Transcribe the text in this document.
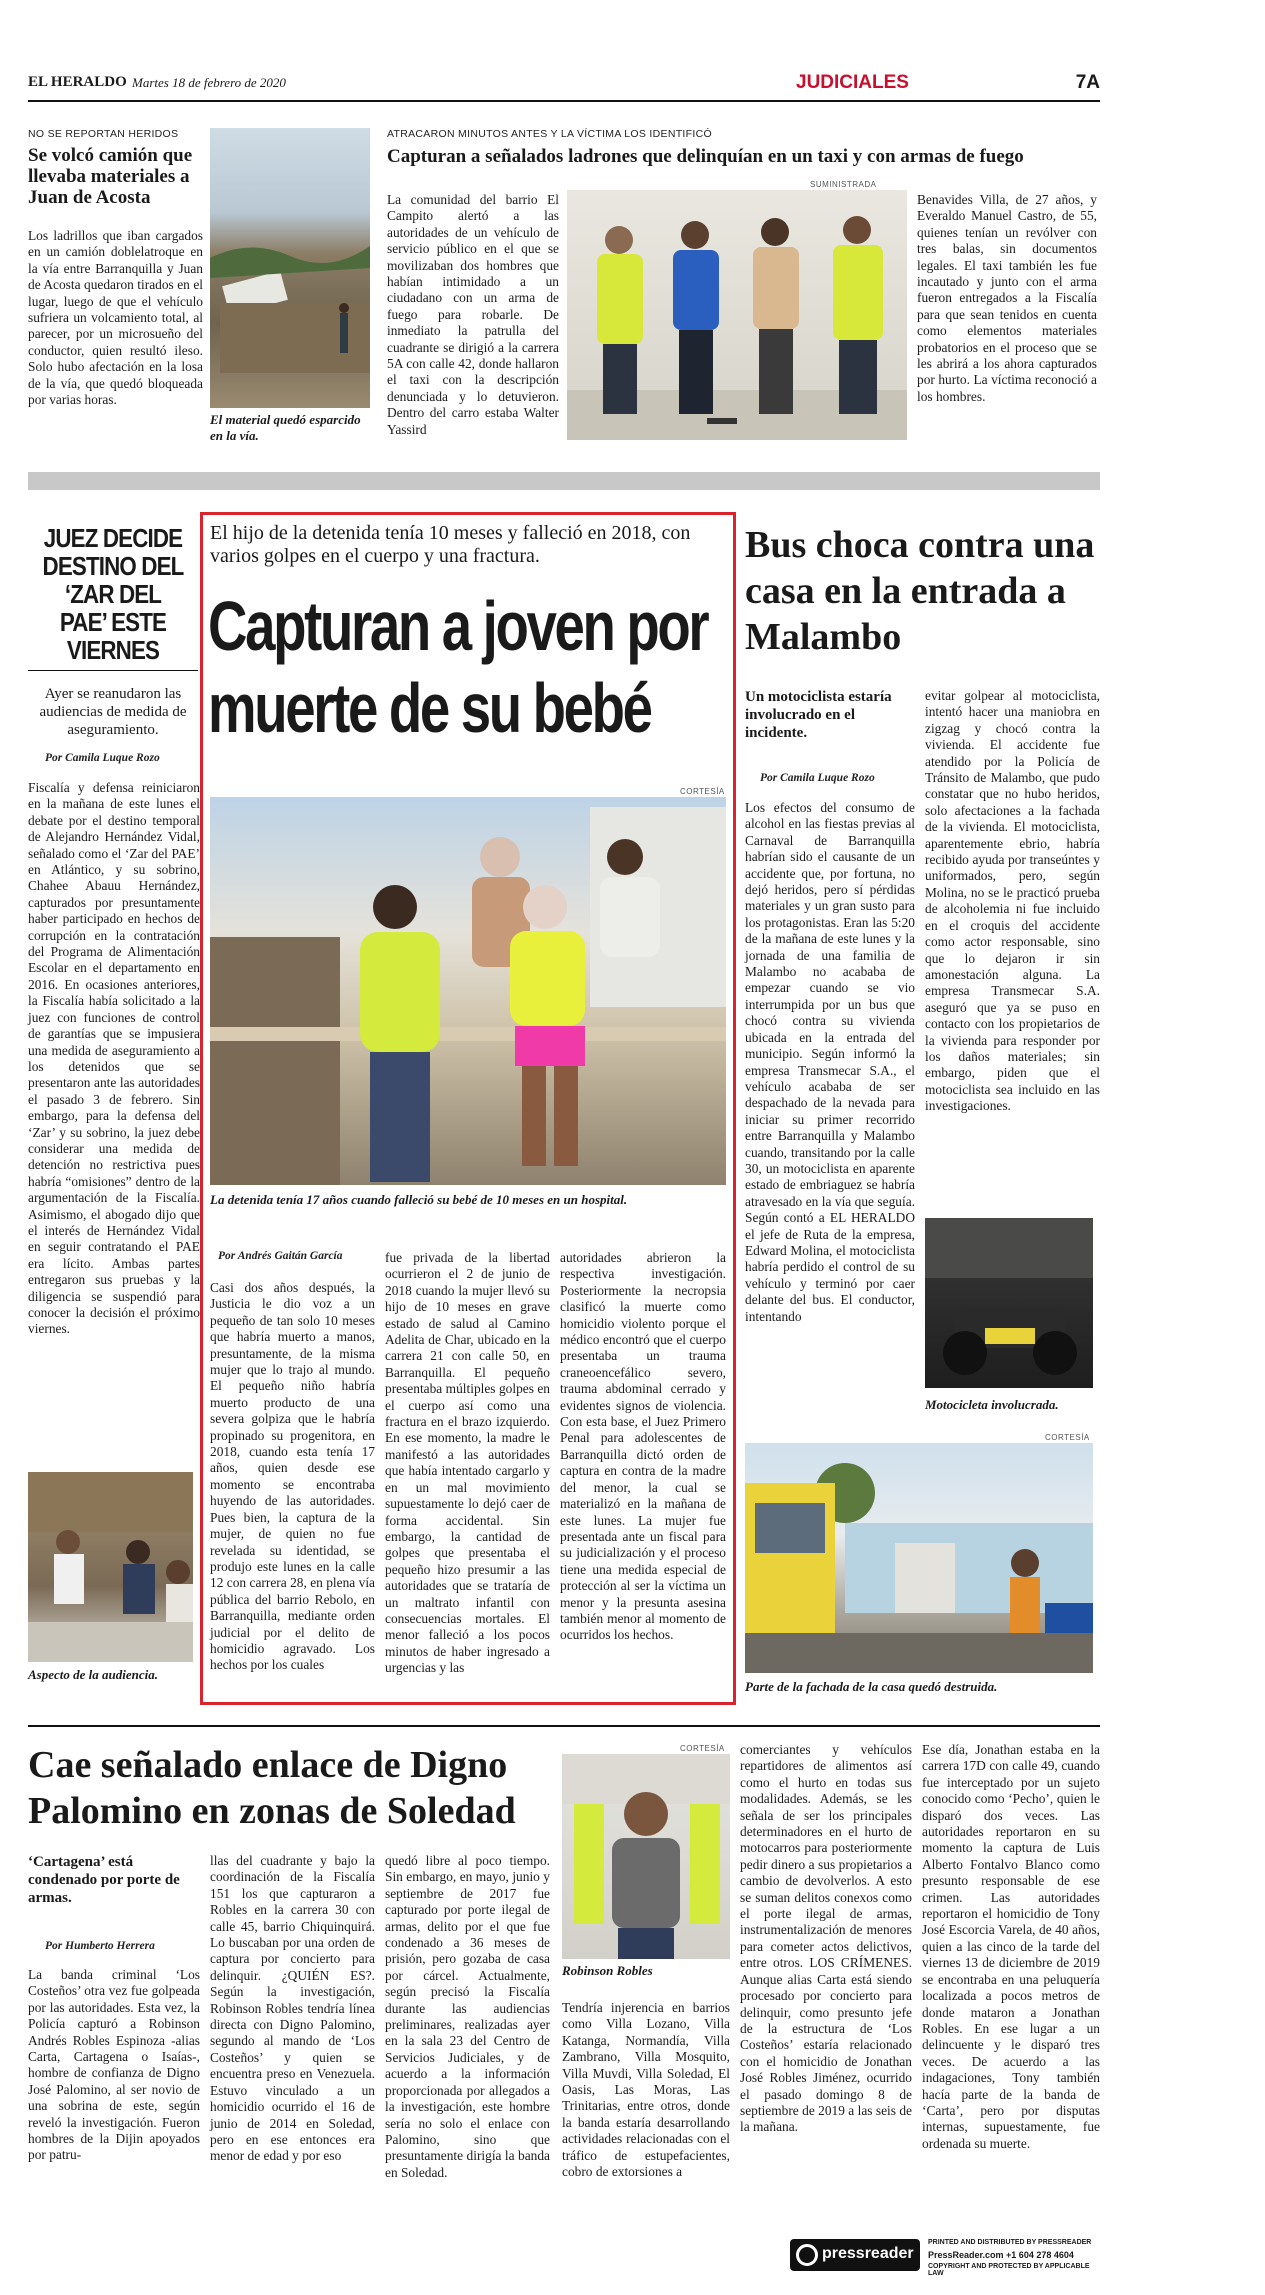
EL HERALDO Martes 18 de febrero de 2020	JUDICIALES	7A
NO SE REPORTAN HERIDOS
Se volcó camión que llevaba materiales a Juan de Acosta
Los ladrillos que iban cargados en un camión doblelatroque en la vía entre Barranquilla y Juan de Acosta quedaron tirados en el lugar, luego de que el vehículo sufriera un volcamiento total, al parecer, por un microsueño del conductor, quien resultó ileso. Solo hubo afectación en la losa de la vía, que quedó bloqueada por varias horas.
El material quedó esparcido en la vía.
ATRACARON MINUTOS ANTES Y LA VÍCTIMA LOS IDENTIFICÓ
Capturan a señalados ladrones que delinquían en un taxi y con armas de fuego
La comunidad del barrio El Campito alertó a las autoridades de un vehículo de servicio público en el que se movilizaban dos hombres que habían intimidado a un ciudadano con un arma de fuego para robarle. De inmediato la patrulla del cuadrante se dirigió a la carrera 5A con calle 42, donde hallaron el taxi con la descripción denunciada y lo detuvieron. Dentro del carro estaba Walter Yassird
SUMINISTRADA
Benavides Villa, de 27 años, y Everaldo Manuel Castro, de 55, quienes tenían un revólver con tres balas, sin documentos legales. El taxi también les fue incautado y junto con el arma fueron entregados a la Fiscalía para que sean tenidos en cuenta como elementos materiales probatorios en el proceso que se les abrirá a los ahora capturados por hurto. La víctima reconoció a los hombres.
JUEZ DECIDE DESTINO DEL ‘ZAR DEL PAE’ ESTE VIERNES
Ayer se reanudaron las audiencias de medida de aseguramiento.
Por Camila Luque Rozo
Fiscalía y defensa reiniciaron en la mañana de este lunes el debate por el destino temporal de Alejandro Hernández Vidal, señalado como el ‘Zar del PAE’ en Atlántico, y su sobrino, Chahee Abauu Hernández, capturados por presuntamente haber participado en hechos de corrupción en la contratación del Programa de Alimentación Escolar en el departamento en 2016. En ocasiones anteriores, la Fiscalía había solicitado a la juez con funciones de control de garantías que se impusiera una medida de aseguramiento a los detenidos que se presentaron ante las autoridades el pasado 3 de febrero. Sin embargo, para la defensa del ‘Zar’ y su sobrino, la juez debe considerar una medida de detención no restrictiva pues habría “omisiones” dentro de la argumentación de la Fiscalía. Asimismo, el abogado dijo que el interés de Hernández Vidal en seguir contratando el PAE era lícito. Ambas partes entregaron sus pruebas y la diligencia se suspendió para conocer la decisión el próximo viernes.
Aspecto de la audiencia.
El hijo de la detenida tenía 10 meses y falleció en 2018, con varios golpes en el cuerpo y una fractura.
Capturan a joven por muerte de su bebé
CORTESÍA
La detenida tenía 17 años cuando falleció su bebé de 10 meses en un hospital.
Por Andrés Gaitán García
Casi dos años después, la Justicia le dio voz a un pequeño de tan solo 10 meses que habría muerto a manos, presuntamente, de la misma mujer que lo trajo al mundo. El pequeño niño habría muerto producto de una severa golpiza que le habría propinado su progenitora, en 2018, cuando esta tenía 17 años, quien desde ese momento se encontraba huyendo de las autoridades. Pues bien, la captura de la mujer, de quien no fue revelada su identidad, se produjo este lunes en la calle 12 con carrera 28, en plena vía pública del barrio Rebolo, en Barranquilla, mediante orden judicial por el delito de homicidio agravado. Los hechos por los cuales
fue privada de la libertad ocurrieron el 2 de junio de 2018 cuando la mujer llevó su hijo de 10 meses en grave estado de salud al Camino Adelita de Char, ubicado en la carrera 21 con calle 50, en Barranquilla. El pequeño presentaba múltiples golpes en el cuerpo así como una fractura en el brazo izquierdo. En ese momento, la madre le manifestó a las autoridades que había intentado cargarlo y en un mal movimiento supuestamente lo dejó caer de forma accidental. Sin embargo, la cantidad de golpes que presentaba el pequeño hizo presumir a las autoridades que se trataría de un maltrato infantil con consecuencias mortales. El menor falleció a los pocos minutos de haber ingresado a urgencias y las
autoridades abrieron la respectiva investigación. Posteriormente la necropsia clasificó la muerte como homicidio violento porque el médico encontró que el cuerpo presentaba un trauma craneoencefálico severo, trauma abdominal cerrado y evidentes signos de violencia. Con esta base, el Juez Primero Penal para adolescentes de Barranquilla dictó orden de captura en contra de la madre del menor, la cual se materializó en la mañana de este lunes. La mujer fue presentada ante un fiscal para su judicialización y el proceso tiene una medida especial de protección al ser la víctima un menor y la presunta asesina también menor al momento de ocurridos los hechos.
Bus choca contra una casa en la entrada a Malambo
Un motociclista estaría involucrado en el incidente.
Por Camila Luque Rozo
Los efectos del consumo de alcohol en las fiestas previas al Carnaval de Barranquilla habrían sido el causante de un accidente que, por fortuna, no dejó heridos, pero sí pérdidas materiales y un gran susto para los protagonistas. Eran las 5:20 de la mañana de este lunes y la jornada de una familia de Malambo no acababa de empezar cuando se vio interrumpida por un bus que chocó contra su vivienda ubicada en la entrada del municipio. Según informó la empresa Transmecar S.A., el vehículo acababa de ser despachado de la nevada para iniciar su primer recorrido entre Barranquilla y Malambo cuando, transitando por la calle 30, un motociclista en aparente estado de embriaguez se habría atravesado en la vía que seguía. Según contó a EL HERALDO el jefe de Ruta de la empresa, Edward Molina, el motociclista habría perdido el control de su vehículo y terminó por caer delante del bus. El conductor, intentando
evitar golpear al motociclista, intentó hacer una maniobra en zigzag y chocó contra la vivienda. El accidente fue atendido por la Policía de Tránsito de Malambo, que pudo constatar que no hubo heridos, solo afectaciones a la fachada de la vivienda. El motociclista, aparentemente ebrio, habría recibido ayuda por transeúntes y uniformados, pero, según Molina, no se le practicó prueba de alcoholemia ni fue incluido en el croquis del accidente como actor responsable, sino que lo dejaron ir sin amonestación alguna. La empresa Transmecar S.A. aseguró que ya se puso en contacto con los propietarios de la vivienda para responder por los daños materiales; sin embargo, piden que el motociclista sea incluido en las investigaciones.
Motocicleta involucrada.
CORTESÍA
Parte de la fachada de la casa quedó destruida.
Cae señalado enlace de Digno Palomino en zonas de Soledad
‘Cartagena’ está condenado por porte de armas.
Por Humberto Herrera
La banda criminal ‘Los Costeños’ otra vez fue golpeada por las autoridades. Esta vez, la Policía capturó a Robinson Andrés Robles Espinoza -alias Carta, Cartagena o Isaías-, hombre de confianza de Digno José Palomino, al ser novio de una sobrina de este, según reveló la investigación. Fueron hombres de la Dijin apoyados por patru-
llas del cuadrante y bajo la coordinación de la Fiscalía 151 los que capturaron a Robles en la carrera 30 con calle 45, barrio Chiquinquirá. Lo buscaban por una orden de captura por concierto para delinquir. ¿QUIÉN ES?. Según la investigación, Robinson Robles tendría línea directa con Digno Palomino, segundo al mando de ‘Los Costeños’ y quien se encuentra preso en Venezuela. Estuvo vinculado a un homicidio ocurrido el 16 de junio de 2014 en Soledad, pero en ese entonces era menor de edad y por eso
quedó libre al poco tiempo. Sin embargo, en mayo, junio y septiembre de 2017 fue capturado por porte ilegal de armas, delito por el que fue condenado a 36 meses de prisión, pero gozaba de casa por cárcel. Actualmente, según precisó la Fiscalía durante las audiencias preliminares, realizadas ayer en la sala 23 del Centro de Servicios Judiciales, y de acuerdo a la información proporcionada por allegados a la investigación, este hombre sería no solo el enlace con Palomino, sino que presuntamente dirigía la banda en Soledad.
CORTESÍA
Robinson Robles
Tendría injerencia en barrios como Villa Lozano, Villa Katanga, Normandía, Villa Zambrano, Villa Mosquito, Villa Muvdi, Villa Soledad, El Oasis, Las Moras, Las Trinitarias, entre otros, donde la banda estaría desarrollando actividades relacionadas con el tráfico de estupefacientes, cobro de extorsiones a
comerciantes y vehículos repartidores de alimentos así como el hurto en todas sus modalidades. Además, se les señala de ser los principales determinadores en el hurto de motocarros para posteriormente pedir dinero a sus propietarios a cambio de devolverlos. A esto se suman delitos conexos como el porte ilegal de armas, instrumentalización de menores para cometer actos delictivos, entre otros. LOS CRÍMENES. Aunque alias Carta está siendo procesado por concierto para delinquir, como presunto jefe de la estructura de ‘Los Costeños’ estaría relacionado con el homicidio de Jonathan José Robles Jiménez, ocurrido el pasado domingo 8 de septiembre de 2019 a las seis de la mañana.
Ese día, Jonathan estaba en la carrera 17D con calle 49, cuando fue interceptado por un sujeto conocido como ‘Pecho’, quien le disparó dos veces. Las autoridades reportaron en su momento la captura de Luis Alberto Fontalvo Blanco como presunto responsable de ese crimen. Las autoridades reportaron el homicidio de Tony José Escorcia Varela, de 40 años, quien a las cinco de la tarde del viernes 13 de diciembre de 2019 se encontraba en una peluquería localizada a pocos metros de donde mataron a Jonathan Robles. En ese lugar a un delincuente y le disparó tres veces. De acuerdo a las indagaciones, Tony también hacía parte de la banda de ‘Carta’, pero por disputas internas, supuestamente, fue ordenada su muerte.
pressreader
PRINTED AND DISTRIBUTED BY PRESSREADER
PressReader.com +1 604 278 4604
COPYRIGHT AND PROTECTED BY APPLICABLE LAW
